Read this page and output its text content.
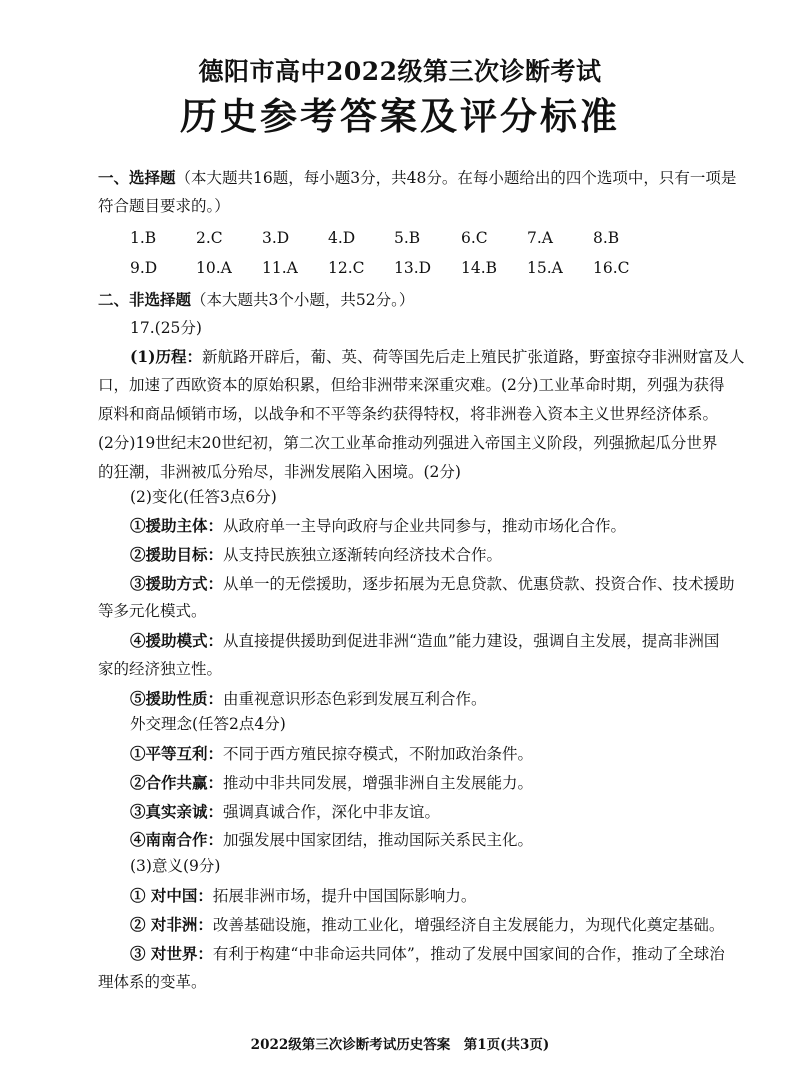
德阳市高中2022级第三次诊断考试
历史参考答案及评分标准
一、选择题（本大题共16题，每小题3分，共48分。在每小题给出的四个选项中，只有一项是
符合题目要求的。）
1.B	2.C	3.D	4.D	5.B	6.C	7.A	8.B
9.D	10.A 11.A 12.C 13.D 14.B 15.A 16.C
二、非选择题（本大题共3个小题，共52分。）
17.(25分)
(1)历程：新航路开辟后，葡、英、荷等国先后走上殖民扩张道路，野蛮掠夺非洲财富及人
口，加速了西欧资本的原始积累，但给非洲带来深重灾难。(2分)工业革命时期，列强为获得
原料和商品倾销市场，以战争和不平等条约获得特权，将非洲卷入资本主义世界经济体系。
(2分)19世纪末20世纪初，第二次工业革命推动列强进入帝国主义阶段，列强掀起瓜分世界
的狂潮，非洲被瓜分殆尽，非洲发展陷入困境。(2分)
(2)变化(任答3点6分)
①援助主体：从政府单一主导向政府与企业共同参与，推动市场化合作。
②援助目标：从支持民族独立逐渐转向经济技术合作。
③援助方式：从单一的无偿援助，逐步拓展为无息贷款、优惠贷款、投资合作、技术援助
等多元化模式。
④援助模式：从直接提供援助到促进非洲“造血”能力建设，强调自主发展，提高非洲国
家的经济独立性。
⑤援助性质：由重视意识形态色彩到发展互利合作。
外交理念(任答2点4分)
①平等互利：不同于西方殖民掠夺模式，不附加政治条件。
②合作共赢：推动中非共同发展，增强非洲自主发展能力。
③真实亲诚：强调真诚合作，深化中非友谊。
④南南合作：加强发展中国家团结，推动国际关系民主化。
(3)意义(9分)
① 对中国：拓展非洲市场，提升中国国际影响力。
② 对非洲：改善基础设施，推动工业化，增强经济自主发展能力，为现代化奠定基础。
③ 对世界：有利于构建“中非命运共同体”，推动了发展中国家间的合作，推动了全球治
理体系的变革。
2022级第三次诊断考试历史答案　第1页(共3页)
